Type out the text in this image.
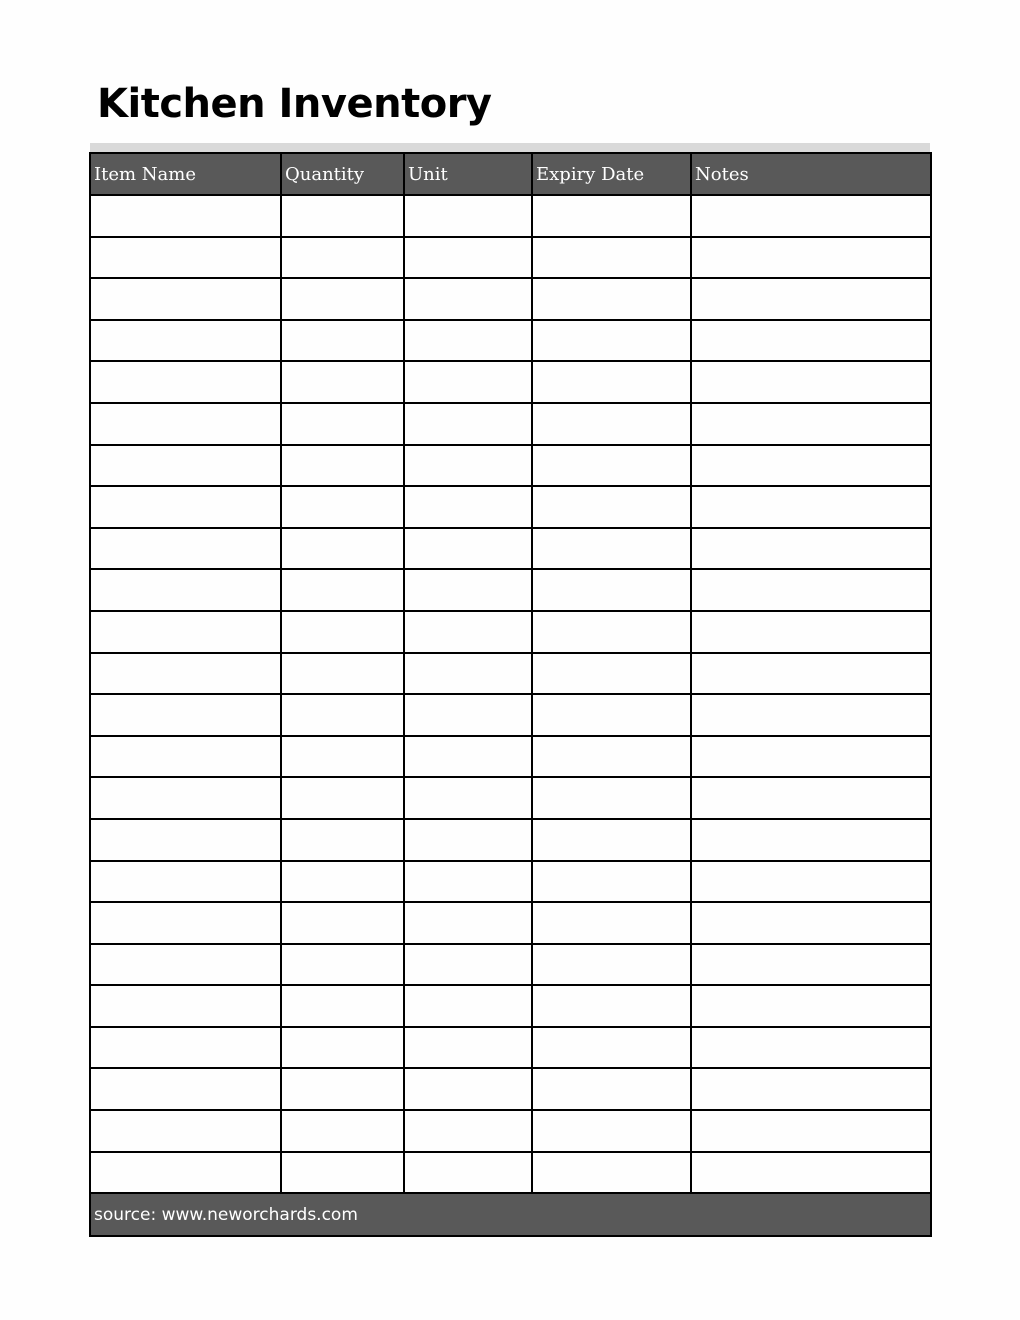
Kitchen Inventory
Item Name	Quantity	Unit	Expiry Date	Notes

source: www.neworchards.com				
